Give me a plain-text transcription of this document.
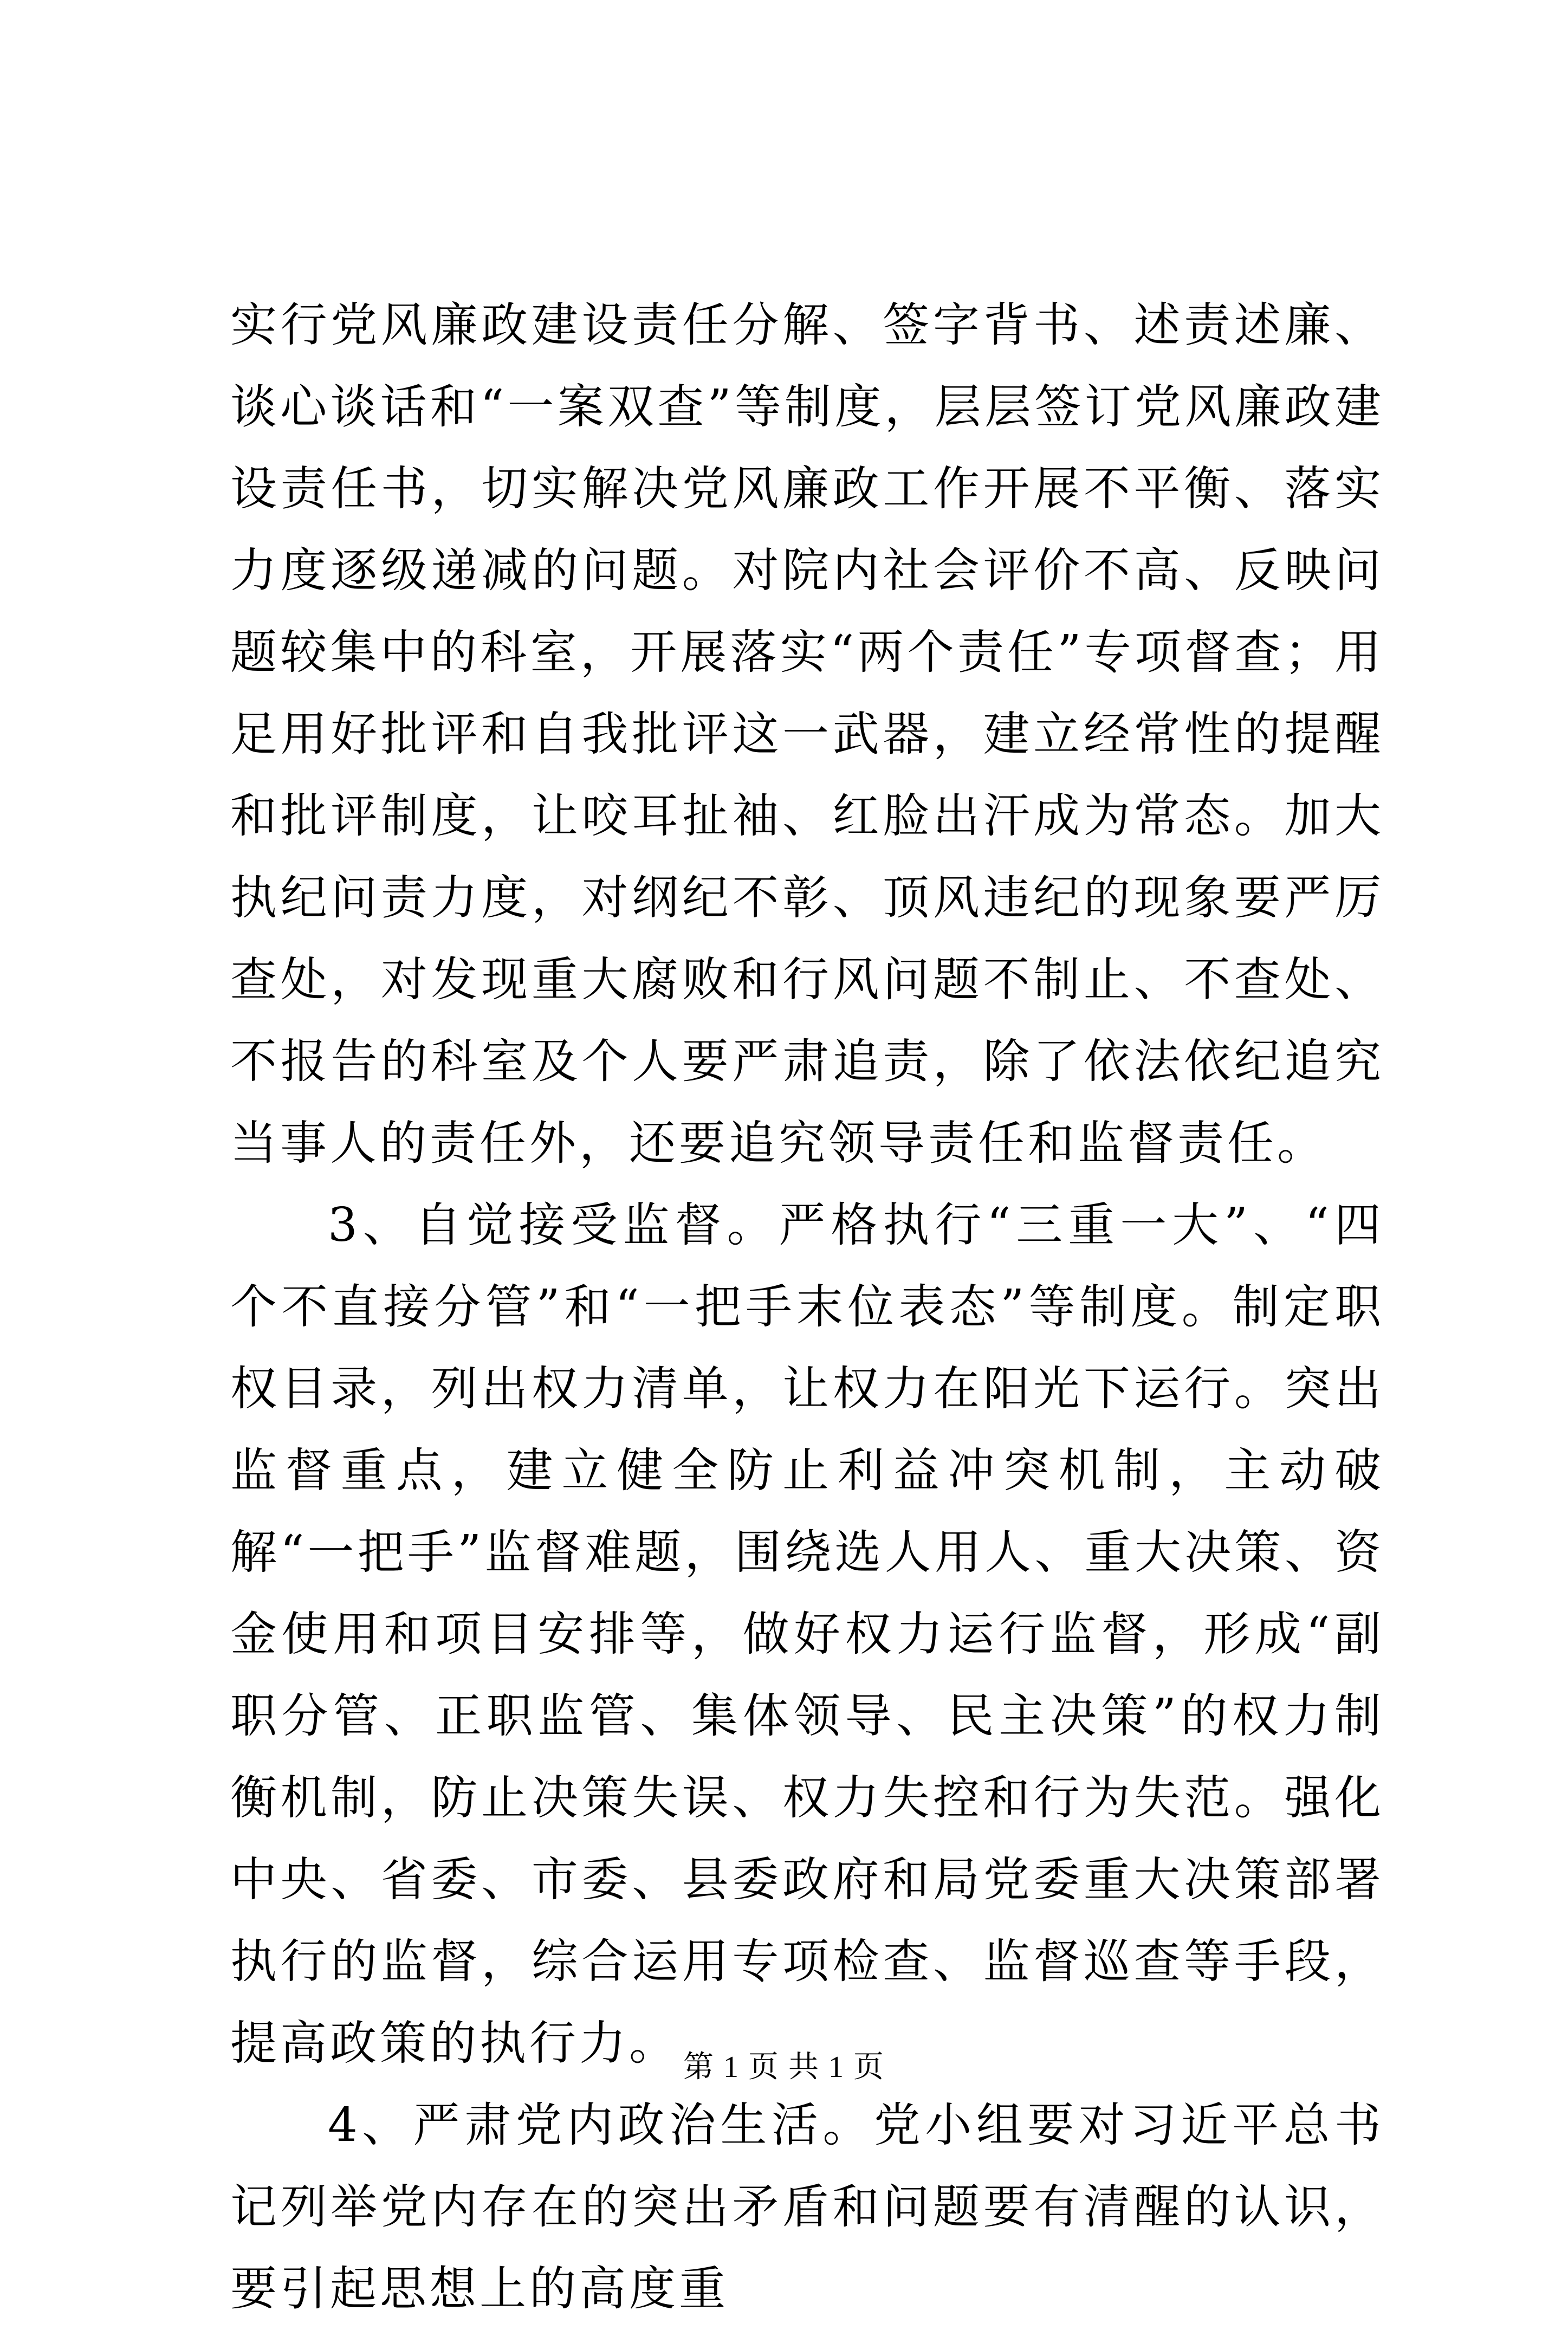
实行党风廉政建设责任分解、签字背书、述责述廉、谈心谈话和“一案双查”等制度，层层签订党风廉政建设责任书，切实解决党风廉政工作开展不平衡、落实力度逐级递减的问题。对院内社会评价不高、反映问题较集中的科室，开展落实“两个责任”专项督查；用足用好批评和自我批评这一武器，建立经常性的提醒和批评制度，让咬耳扯袖、红脸出汗成为常态。加大执纪问责力度，对纲纪不彰、顶风违纪的现象要严厉查处，对发现重大腐败和行风问题不制止、不查处、不报告的科室及个人要严肃追责，除了依法依纪追究当事人的责任外，还要追究领导责任和监督责任。

3、自觉接受监督。严格执行“三重一大”、“四个不直接分管”和“一把手末位表态”等制度。制定职权目录，列出权力清单，让权力在阳光下运行。突出监督重点，建立健全防止利益冲突机制，主动破解“一把手”监督难题，围绕选人用人、重大决策、资金使用和项目安排等，做好权力运行监督，形成“副职分管、正职监管、集体领导、民主决策”的权力制衡机制，防止决策失误、权力失控和行为失范。强化中央、省委、市委、县委政府和局党委重大决策部署执行的监督，综合运用专项检查、监督巡查等手段，提高政策的执行力。

4、严肃党内政治生活。党小组要对习近平总书记列举党内存在的突出矛盾和问题要有清醒的认识，要引起思想上的高度重

第 1 页 共 1 页
